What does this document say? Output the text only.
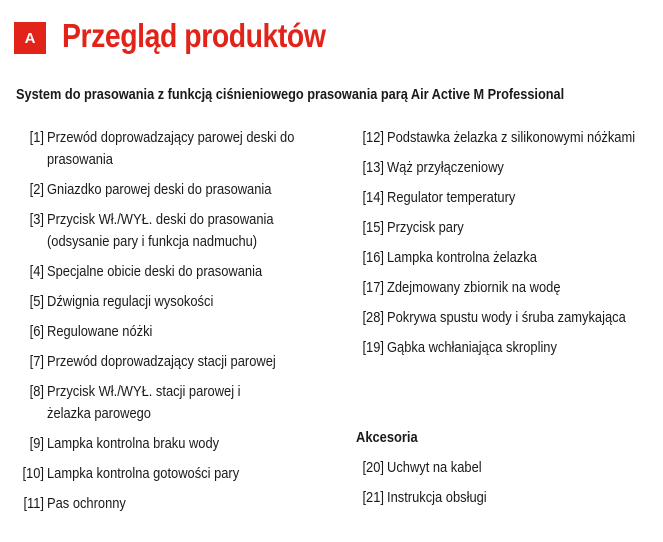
A Przegląd produktów
System do prasowania z funkcją ciśnieniowego prasowania parą Air Active M Professional
[1] Przewód doprowadzający parowej deski do
prasowania
[2] Gniazdko parowej deski do prasowania
[3] Przycisk Wł./WYŁ. deski do prasowania
(odsysanie pary i funkcja nadmuchu)
[4] Specjalne obicie deski do prasowania
[5] Dźwignia regulacji wysokości
[6] Regulowane nóżki
[7] Przewód doprowadzający stacji parowej
[8] Przycisk Wł./WYŁ. stacji parowej i
żelazka parowego
[9] Lampka kontrolna braku wody
[10] Lampka kontrolna gotowości pary
[11] Pas ochronny
[12] Podstawka żelazka z silikonowymi nóżkami
[13] Wąż przyłączeniowy
[14] Regulator temperatury
[15] Przycisk pary
[16] Lampka kontrolna żelazka
[17] Zdejmowany zbiornik na wodę
[28] Pokrywa spustu wody i śruba zamykająca
[19] Gąbka wchłaniająca skropliny
Akcesoria
[20] Uchwyt na kabel
[21] Instrukcja obsługi
